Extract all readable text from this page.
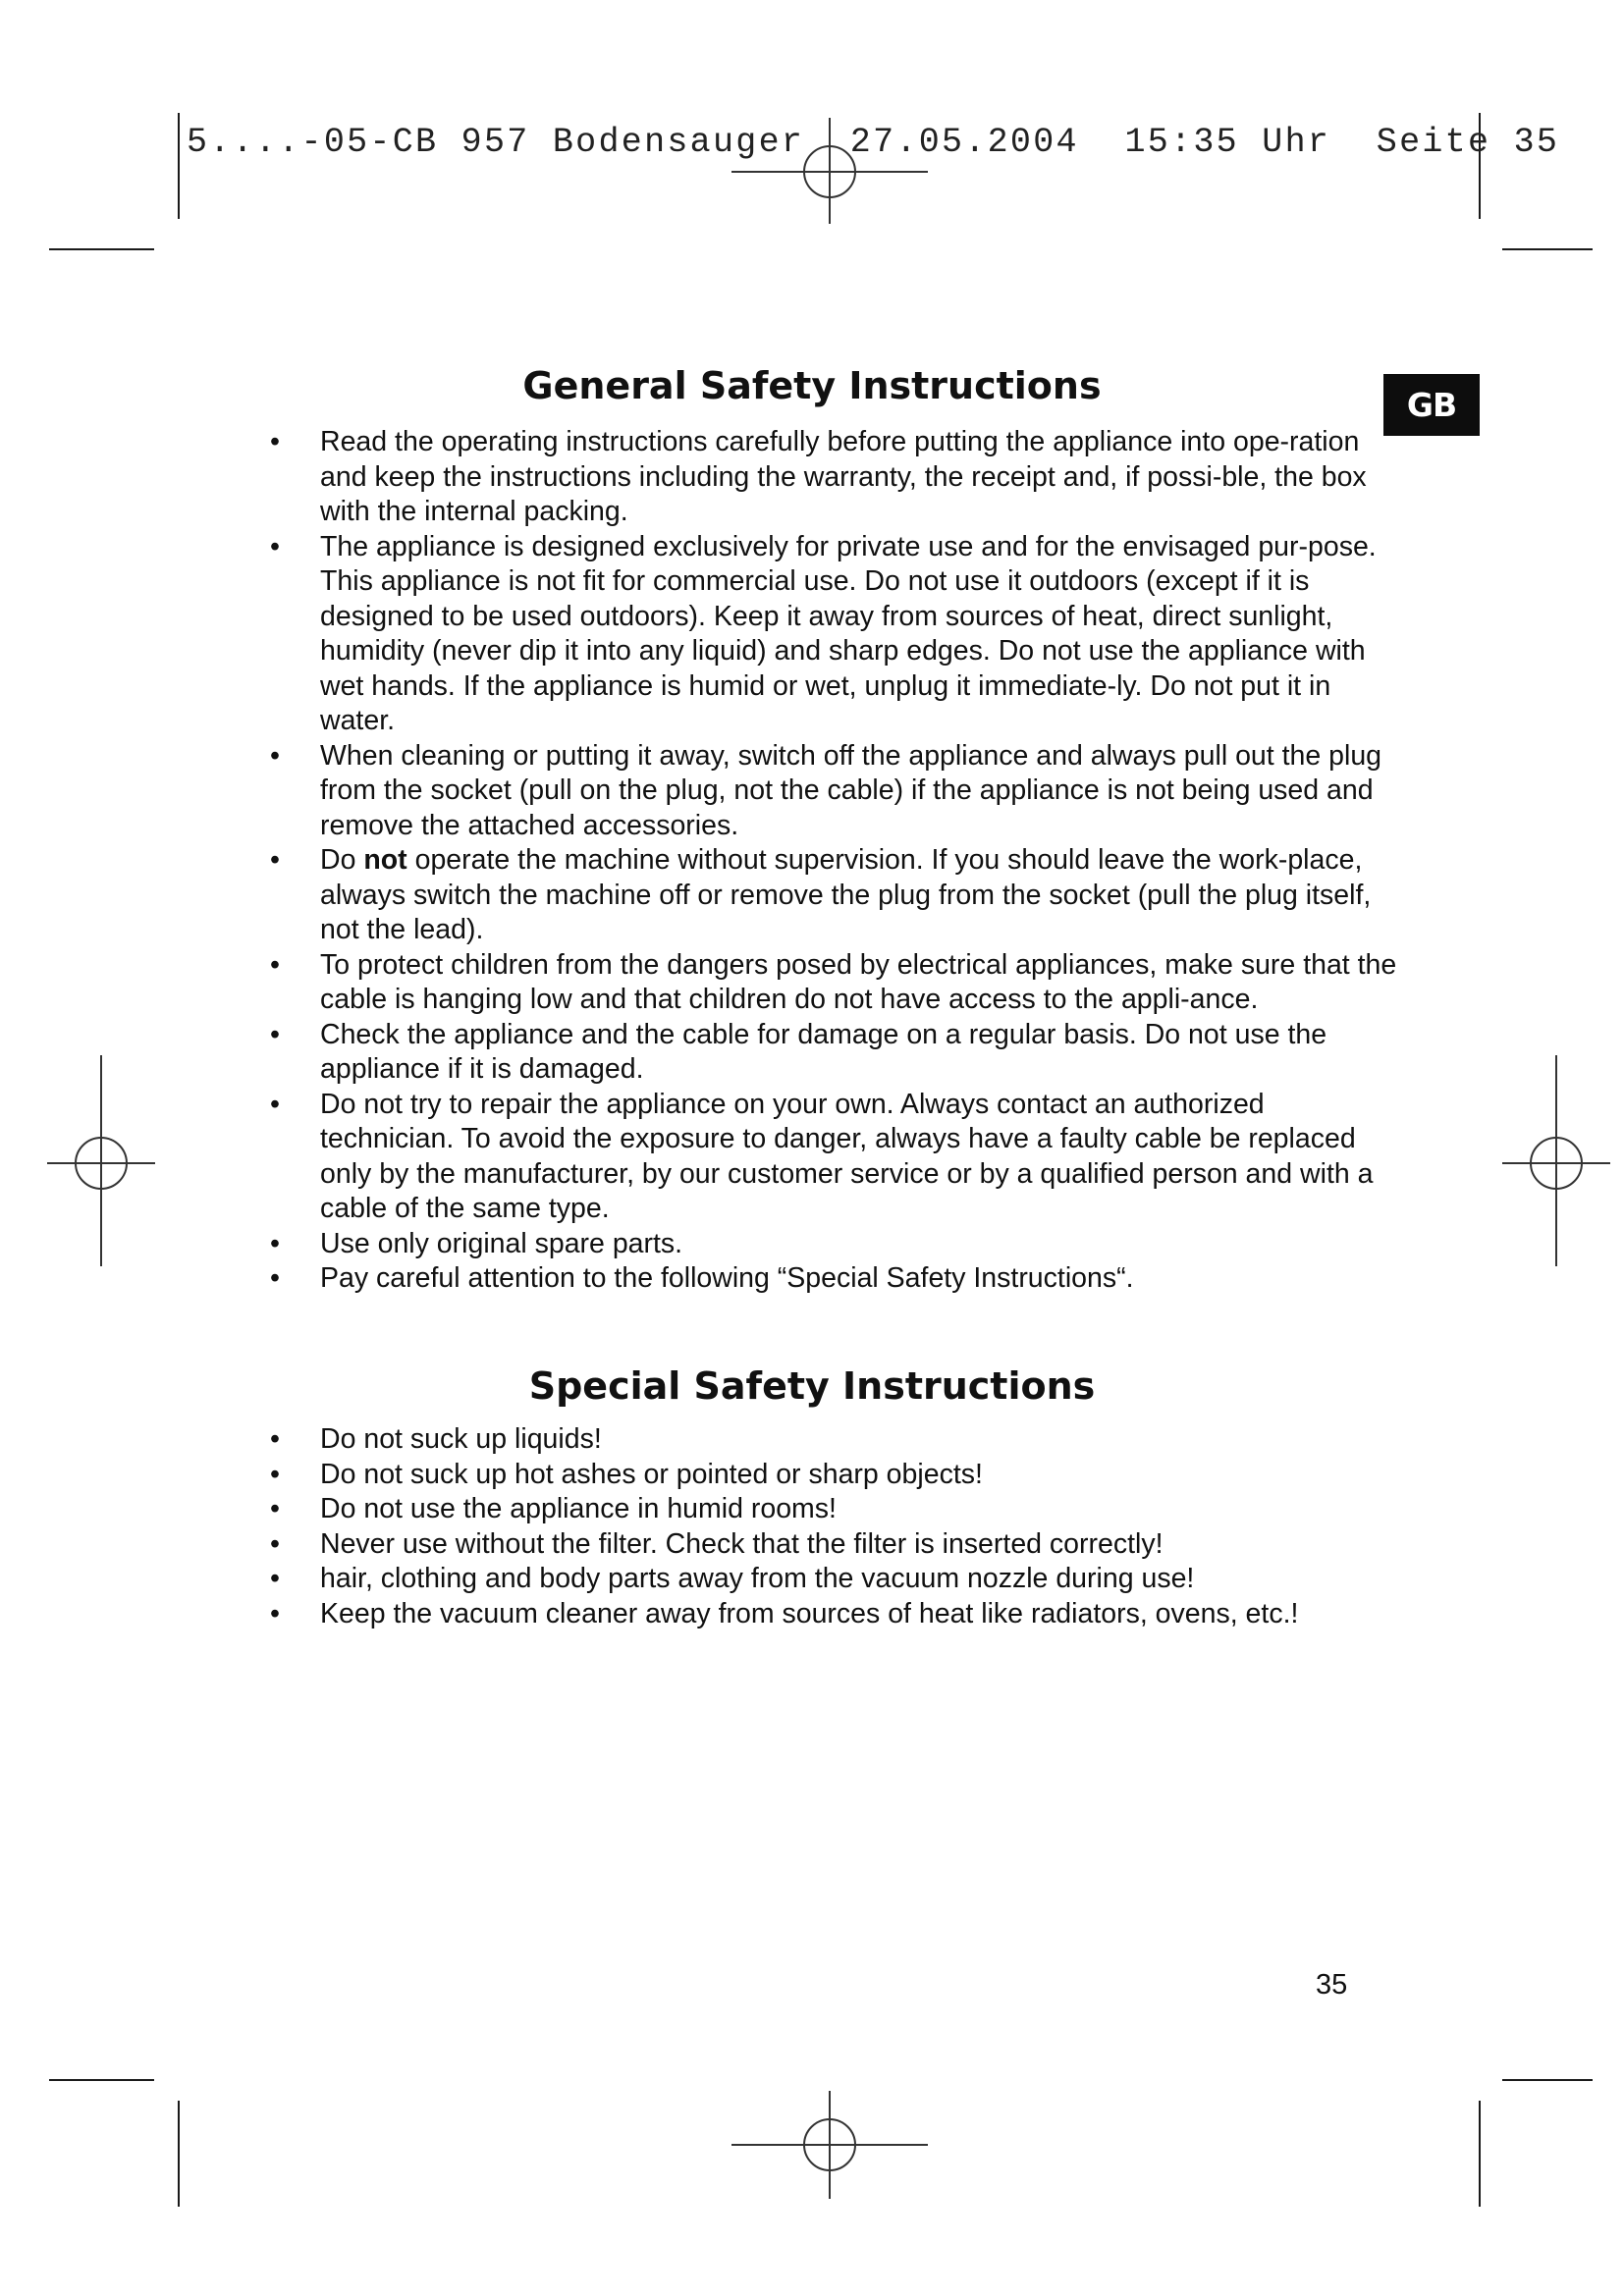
5....-05-CB 957 Bodensauger  27.05.2004  15:35 Uhr  Seite 35
GB
General Safety Instructions
• Read the operating instructions carefully before putting the appliance into ope-ration and keep the instructions including the warranty, the receipt and, if possi-ble, the box with the internal packing.
• The appliance is designed exclusively for private use and for the envisaged pur-pose. This appliance is not fit for commercial use. Do not use it outdoors (except if it is designed to be used outdoors). Keep it away from sources of heat, direct sunlight, humidity (never dip it into any liquid) and sharp edges. Do not use the appliance with wet hands. If the appliance is humid or wet, unplug it immediate-ly. Do not put it in water.
• When cleaning or putting it away, switch off the appliance and always pull out the plug from the socket (pull on the plug, not the cable) if the appliance is not being used and remove the attached accessories.
• Do not operate the machine without supervision. If you should leave the work-place, always switch the machine off or remove the plug from the socket (pull the plug itself, not the lead).
• To protect children from the dangers posed by electrical appliances, make sure that the cable is hanging low and that children do not have access to the appli-ance.
• Check the appliance and the cable for damage on a regular basis. Do not use the appliance if it is damaged.
• Do not try to repair the appliance on your own. Always contact an authorized technician. To avoid the exposure to danger, always have a faulty cable be replaced only by the manufacturer, by our customer service or by a qualified person and with a cable of the same type.
• Use only original spare parts.
• Pay careful attention to the following “Special Safety Instructions“.
Special Safety Instructions
• Do not suck up liquids!
• Do not suck up hot ashes or pointed or sharp objects!
• Do not use the appliance in humid rooms!
• Never use without the filter. Check that the filter is inserted correctly!
• hair, clothing and body parts away from the vacuum nozzle during use!
• Keep the vacuum cleaner away from sources of heat like radiators, ovens, etc.!
35
